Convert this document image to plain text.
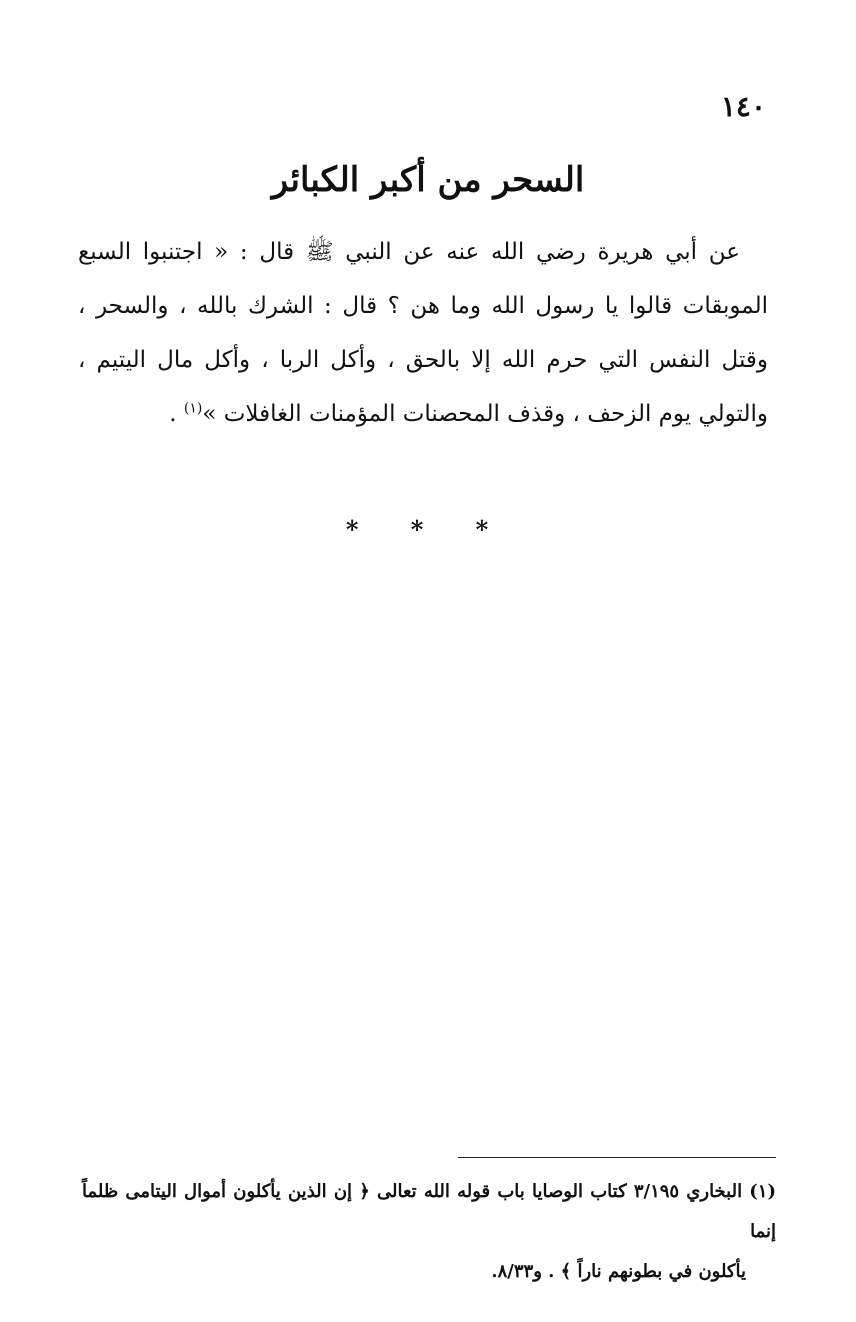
١٤٠
السحر من أكبر الكبائر
عن أبي هريرة رضي الله عنه عن النبي ﷺ قال : « اجتنبوا السبع الموبقات قالوا يا رسول الله وما هن ؟ قال : الشرك بالله ، والسحر ، وقتل النفس التي حرم الله إلا بالحق ، وأكل الربا ، وأكل مال اليتيم ، والتولي يوم الزحف ، وقذف المحصنات المؤمنات الغافلات »$^{(١)}$ .
* * *
(١) البخاري ٣/١٩٥ كتاب الوصايا باب قوله الله تعالى ﴿ إن الذين يأكلون أموال اليتامى ظلماً إنما
يأكلون في بطونهم ناراً ﴾ . و٨/٣٣.
